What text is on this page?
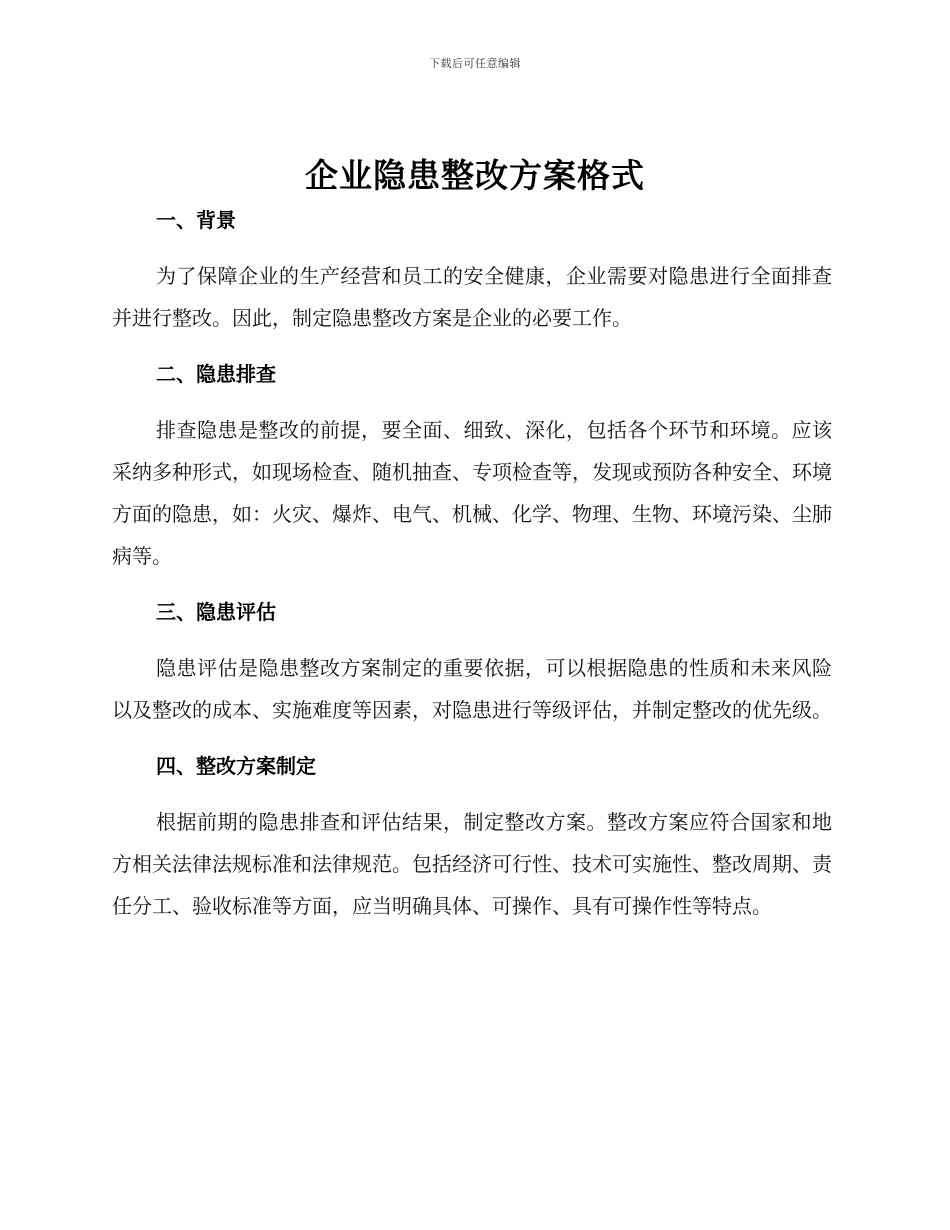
下载后可任意编辑
企业隐患整改方案格式
一、背景

为了保障企业的生产经营和员工的安全健康，企业需要对隐患进行全面排查并进行整改。因此，制定隐患整改方案是企业的必要工作。

二、隐患排查

排查隐患是整改的前提，要全面、细致、深化，包括各个环节和环境。应该采纳多种形式，如现场检查、随机抽查、专项检查等，发现或预防各种安全、环境方面的隐患，如：火灾、爆炸、电气、机械、化学、物理、生物、环境污染、尘肺病等。

三、隐患评估

隐患评估是隐患整改方案制定的重要依据，可以根据隐患的性质和未来风险以及整改的成本、实施难度等因素，对隐患进行等级评估，并制定整改的优先级。

四、整改方案制定

根据前期的隐患排查和评估结果，制定整改方案。整改方案应符合国家和地方相关法律法规标准和法律规范。包括经济可行性、技术可实施性、整改周期、责任分工、验收标准等方面，应当明确具体、可操作、具有可操作性等特点。
